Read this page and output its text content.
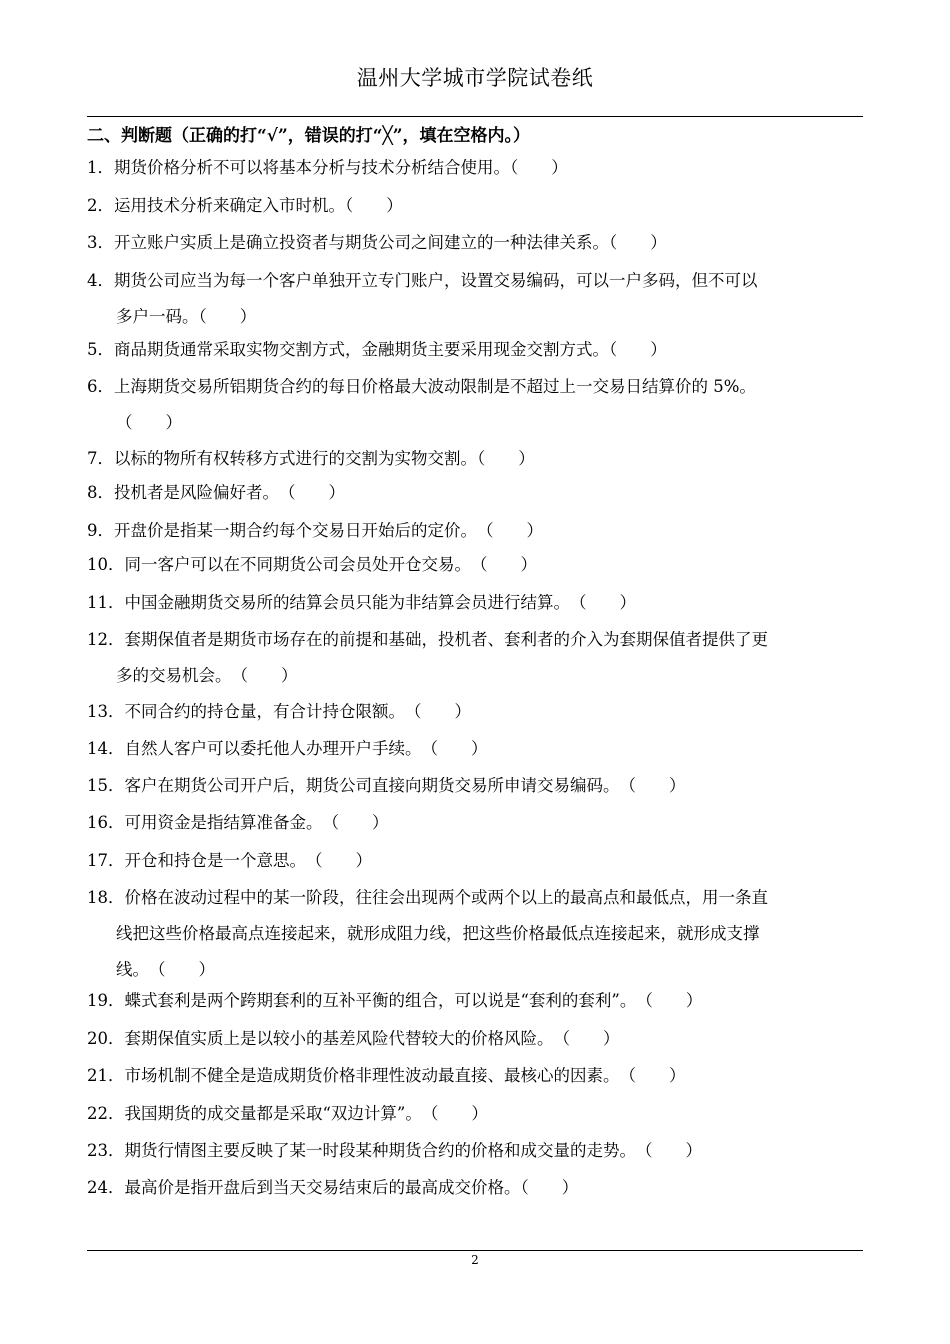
温州大学城市学院试卷纸
二、判断题（正确的打“√”，错误的打“╳”，填在空格内。）
1．期货价格分析不可以将基本分析与技术分析结合使用。（　　）
2．运用技术分析来确定入市时机。（　　）
3．开立账户实质上是确立投资者与期货公司之间建立的一种法律关系。（　　）
4．期货公司应当为每一个客户单独开立专门账户，设置交易编码，可以一户多码，但不可以
多户一码。（　　）
5．商品期货通常采取实物交割方式，金融期货主要采用现金交割方式。（　　）
6．上海期货交易所铝期货合约的每日价格最大波动限制是不超过上一交易日结算价的 5%。
（　　）
7．以标的物所有权转移方式进行的交割为实物交割。（　　）
8．投机者是风险偏好者。　（　　）
9．开盘价是指某一期合约每个交易日开始后的定价。　（　　）
10．同一客户可以在不同期货公司会员处开仓交易。　（　　）
11．中国金融期货交易所的结算会员只能为非结算会员进行结算。　（　　）
12．套期保值者是期货市场存在的前提和基础，投机者、套利者的介入为套期保值者提供了更
多的交易机会。　（　　）
13．不同合约的持仓量，有合计持仓限额。　（　　）
14．自然人客户可以委托他人办理开户手续。　（　　）
15．客户在期货公司开户后，期货公司直接向期货交易所申请交易编码。　（　　）
16．可用资金是指结算准备金。　（　　）
17．开仓和持仓是一个意思。　（　　）
18．价格在波动过程中的某一阶段，往往会出现两个或两个以上的最高点和最低点，用一条直
线把这些价格最高点连接起来，就形成阻力线，把这些价格最低点连接起来，就形成支撑
线。　（　　）
19．蝶式套利是两个跨期套利的互补平衡的组合，可以说是“套利的套利”。　（　　）
20．套期保值实质上是以较小的基差风险代替较大的价格风险。　（　　）
21．市场机制不健全是造成期货价格非理性波动最直接、最核心的因素。　（　　）
22．我国期货的成交量都是采取“双边计算”。　（　　）
23．期货行情图主要反映了某一时段某种期货合约的价格和成交量的走势。　（　　）
24．最高价是指开盘后到当天交易结束后的最高成交价格。（　　）
2
